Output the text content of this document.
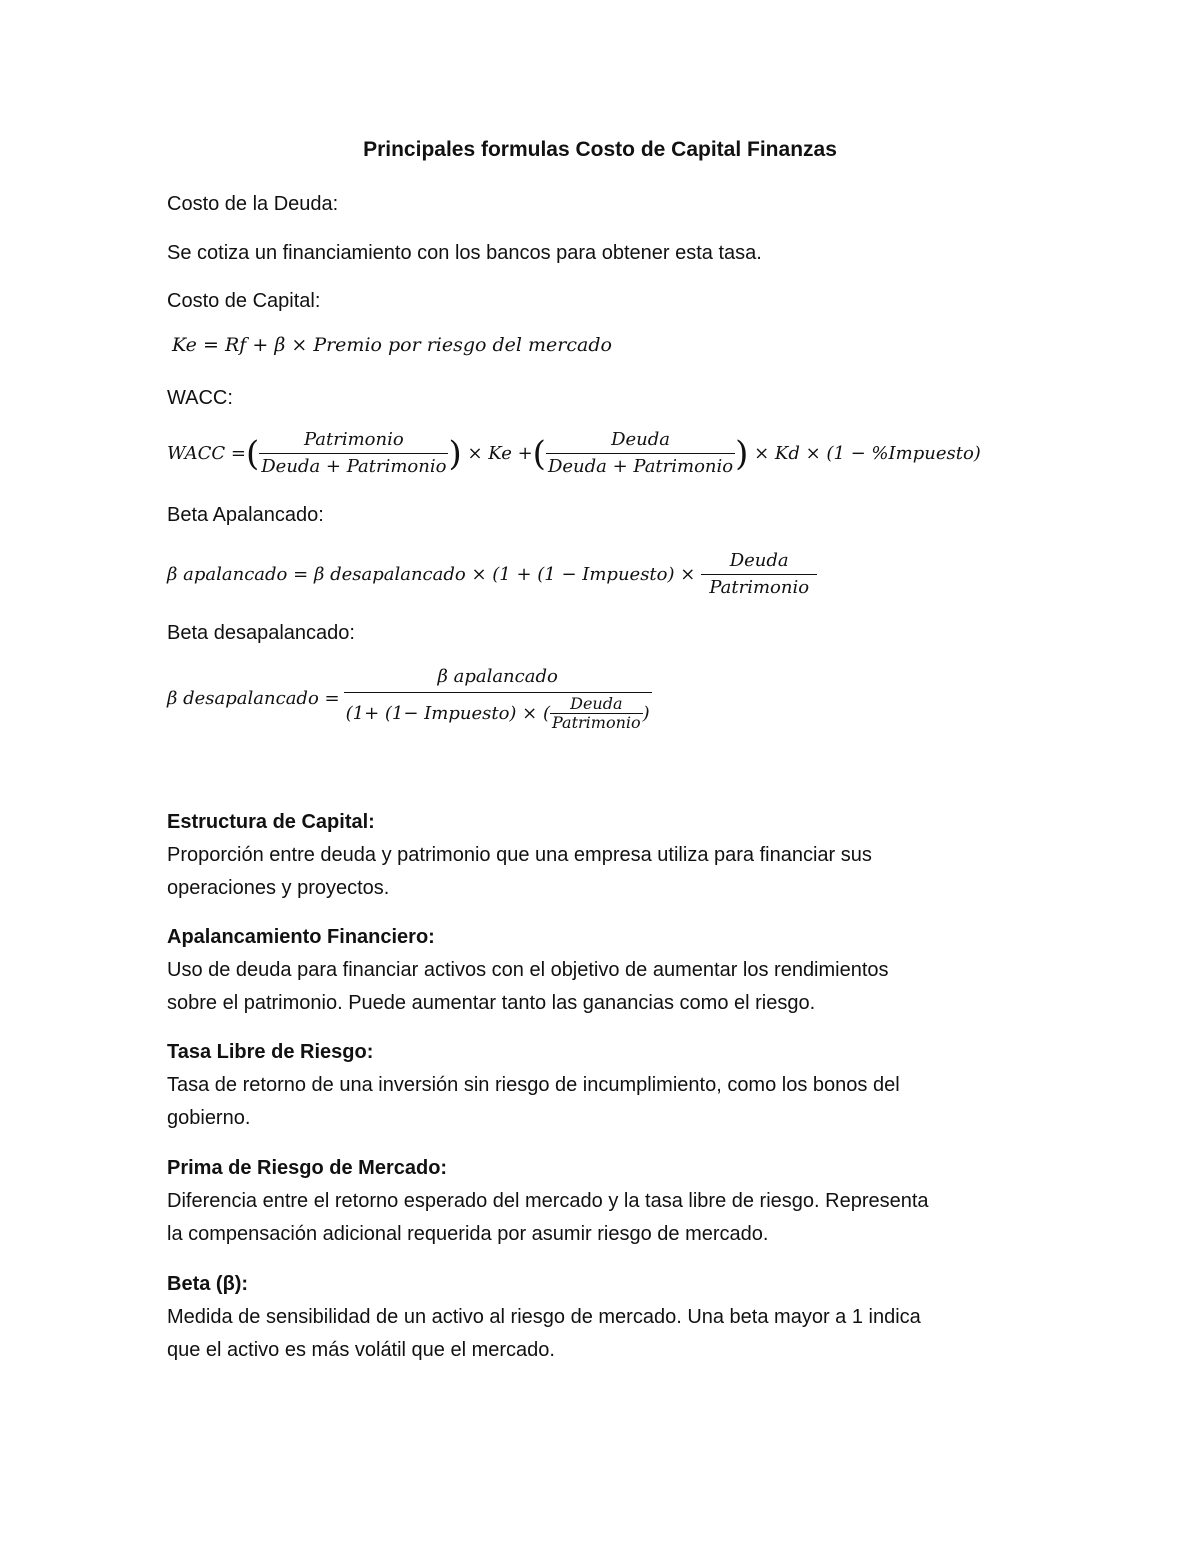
Principales formulas Costo de Capital Finanzas
Costo de la Deuda:
Se cotiza un financiamiento con los bancos para obtener esta tasa.
Costo de Capital:
Ke
=
Rf
+
β
×
Premio por riesgo del mercado
WACC:
WACC
= ( $\frac{\text{Patrimonio}}{\text{Deuda + Patrimonio}}$ )
× Ke + ( $\frac{\text{Deuda}}{\text{Deuda + Patrimonio}}$ )
× Kd × (1 − %Impuesto)
Beta Apalancado:
β apalancado
=
β desapalancado × (1 + (1 − Impuesto) × $\frac{\text{Deuda}}{\text{Patrimonio}}$
Beta desapalancado:
β desapalancado
=
β apalancado
(1+ (1− Impuesto) × ( $\frac{\text{Deuda}}{\text{Patrimonio}}$ )
Estructura de Capital:
Proporción entre deuda y patrimonio que una empresa utiliza para financiar sus
operaciones y proyectos.
Apalancamiento Financiero:
Uso de deuda para financiar activos con el objetivo de aumentar los rendimientos
sobre el patrimonio. Puede aumentar tanto las ganancias como el riesgo.
Tasa Libre de Riesgo:
Tasa de retorno de una inversión sin riesgo de incumplimiento, como los bonos del
gobierno.
Prima de Riesgo de Mercado:
Diferencia entre el retorno esperado del mercado y la tasa libre de riesgo. Representa
la compensación adicional requerida por asumir riesgo de mercado.
Beta (β):
Medida de sensibilidad de un activo al riesgo de mercado. Una beta mayor a 1 indica
que el activo es más volátil que el mercado.
